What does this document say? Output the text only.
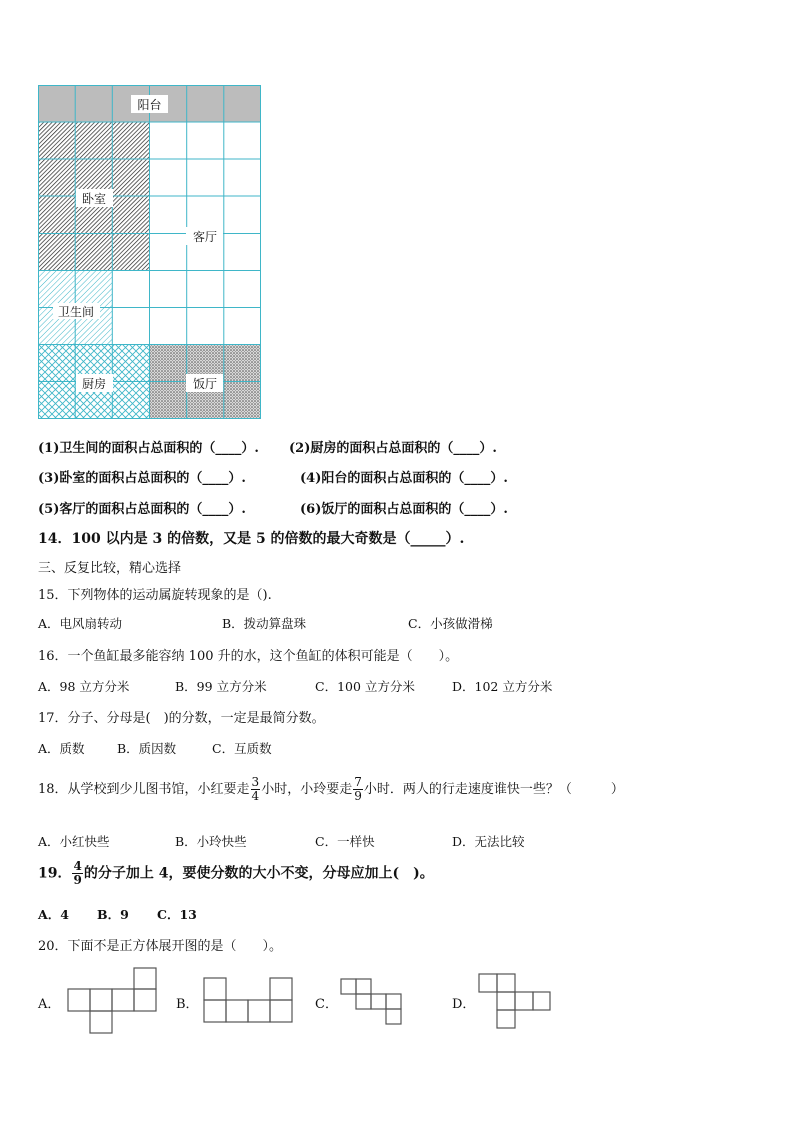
阳台
卧室
客厅
卫生间
厨房	饭厅
(1)卫生间的面积占总面积的（____）. (2)厨房的面积占总面积的（____）.
(3)卧室的面积占总面积的（____）.	(4)阳台的面积占总面积的（____）.
(5)客厅的面积占总面积的（____）.	(6)饭厅的面积占总面积的（____）.
14．100 以内是 3 的倍数，又是 5 的倍数的最大奇数是（_____）.
三、反复比较，精心选择
15．下列物体的运动属旋转现象的是（).
A．电风扇转动	B．拨动算盘珠	C．小孩做滑梯
16．一个鱼缸最多能容纳 100 升的水，这个鱼缸的体积可能是（　　）。
A．98 立方分米	B．99 立方分米	C．100 立方分米	D．102 立方分米
17．分子、分母是(　)的分数，一定是最简分数。
A．质数	B．质因数	C．互质数
18．从学校到少儿图书馆，小红要走 $\frac{3}{4}$ 小时，小玲要走 $\frac{7}{9}$ 小时．两人的行走速度谁快一些？（　　　）
A．小红快些	B．小玲快些	C．一样快	D．无法比较
19． $\frac{4}{9}$ 的分子加上 4，要使分数的大小不变，分母应加上(　)。
A．4 B．9 C．13
20．下面不是正方体展开图的是（　　）。
A．	B．	C．	D．
